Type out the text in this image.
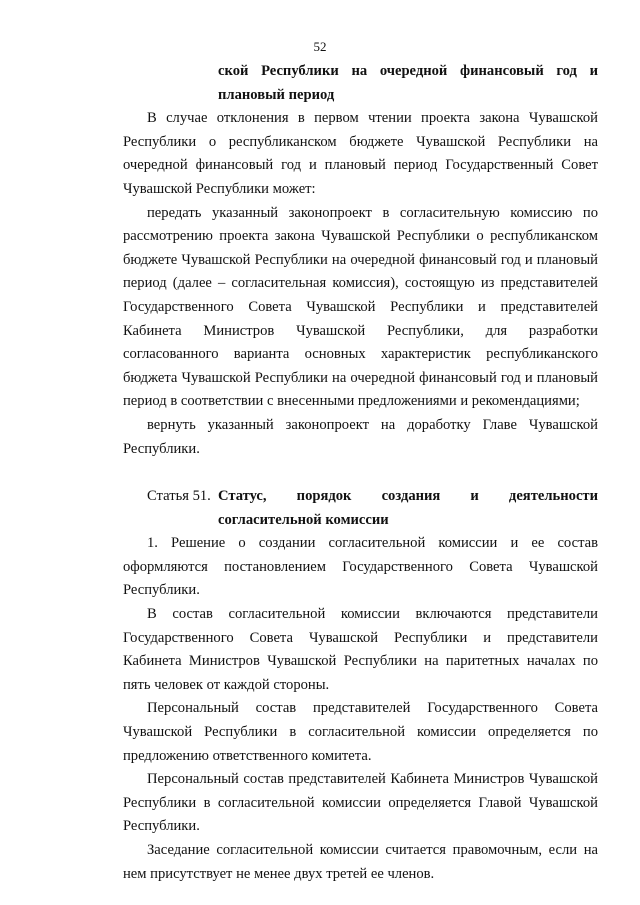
52

ской Республики на очередной финансовый год и плановый период

В случае отклонения в первом чтении проекта закона Чувашской Республики о республиканском бюджете Чувашской Республики на очередной финансовый год и плановый период Государственный Совет Чувашской Республики может:

передать указанный законопроект в согласительную комиссию по рассмотрению проекта закона Чувашской Республики о республиканском бюджете Чувашской Республики на очередной финансовый год и плановый период (далее – согласительная комиссия), состоящую из представителей Государственного Совета Чувашской Республики и представителей Кабинета Министров Чувашской Республики, для разработки согласованного варианта основных характеристик республиканского бюджета Чувашской Республики на очередной финансовый год и плановый период в соответствии с внесенными предложениями и рекомендациями;

вернуть указанный законопроект на доработку Главе Чувашской Республики.

Статья 51. Статус, порядок создания и деятельности согласительной комиссии

1. Решение о создании согласительной комиссии и ее состав оформляются постановлением Государственного Совета Чувашской Республики.

В состав согласительной комиссии включаются представители Государственного Совета Чувашской Республики и представители Кабинета Министров Чувашской Республики на паритетных началах по пять человек от каждой стороны.

Персональный состав представителей Государственного Совета Чувашской Республики в согласительной комиссии определяется по предложению ответственного комитета.

Персональный состав представителей Кабинета Министров Чувашской Республики в согласительной комиссии определяется Главой Чувашской Республики.

Заседание согласительной комиссии считается правомочным, если на нем присутствует не менее двух третей ее членов.
